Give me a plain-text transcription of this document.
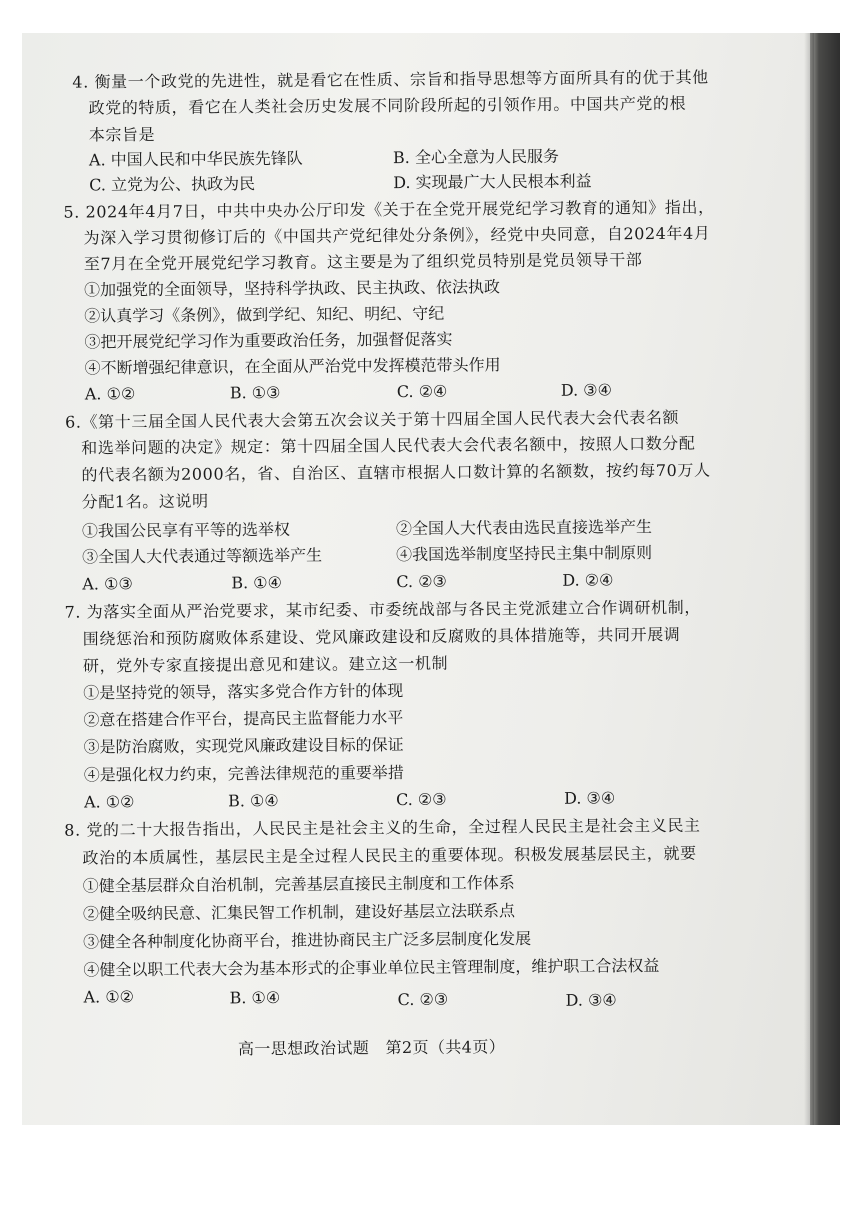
4. 衡量一个政党的先进性，就是看它在性质、宗旨和指导思想等方面所具有的优于其他
政党的特质，看它在人类社会历史发展不同阶段所起的引领作用。中国共产党的根
本宗旨是
A. 中国人民和中华民族先锋队	B. 全心全意为人民服务
C. 立党为公、执政为民	D. 实现最广大人民根本利益
5. 2024年4月7日，中共中央办公厅印发《关于在全党开展党纪学习教育的通知》指出，
为深入学习贯彻修订后的《中国共产党纪律处分条例》，经党中央同意，自2024年4月
至7月在全党开展党纪学习教育。这主要是为了组织党员特别是党员领导干部
①加强党的全面领导，坚持科学执政、民主执政、依法执政
②认真学习《条例》，做到学纪、知纪、明纪、守纪
③把开展党纪学习作为重要政治任务，加强督促落实
④不断增强纪律意识，在全面从严治党中发挥模范带头作用
A. ①②	B. ①③	C. ②④	D. ③④
6.《第十三届全国人民代表大会第五次会议关于第十四届全国人民代表大会代表名额
和选举问题的决定》规定：第十四届全国人民代表大会代表名额中，按照人口数分配
的代表名额为2000名，省、自治区、直辖市根据人口数计算的名额数，按约每70万人
分配1名。这说明
①我国公民享有平等的选举权	②全国人大代表由选民直接选举产生
③全国人大代表通过等额选举产生	④我国选举制度坚持民主集中制原则
A. ①③	B. ①④	C. ②③	D. ②④
7. 为落实全面从严治党要求，某市纪委、市委统战部与各民主党派建立合作调研机制，
围绕惩治和预防腐败体系建设、党风廉政建设和反腐败的具体措施等，共同开展调
研，党外专家直接提出意见和建议。建立这一机制
①是坚持党的领导，落实多党合作方针的体现
②意在搭建合作平台，提高民主监督能力水平
③是防治腐败，实现党风廉政建设目标的保证
④是强化权力约束，完善法律规范的重要举措
A. ①②	B. ①④	C. ②③	D. ③④
8. 党的二十大报告指出，人民民主是社会主义的生命，全过程人民民主是社会主义民主
政治的本质属性，基层民主是全过程人民民主的重要体现。积极发展基层民主，就要
①健全基层群众自治机制，完善基层直接民主制度和工作体系
②健全吸纳民意、汇集民智工作机制，建设好基层立法联系点
③健全各种制度化协商平台，推进协商民主广泛多层制度化发展
④健全以职工代表大会为基本形式的企事业单位民主管理制度，维护职工合法权益
A. ①②	B. ①④	C. ②③	D. ③④
高一思想政治试题　第2页（共4页）
